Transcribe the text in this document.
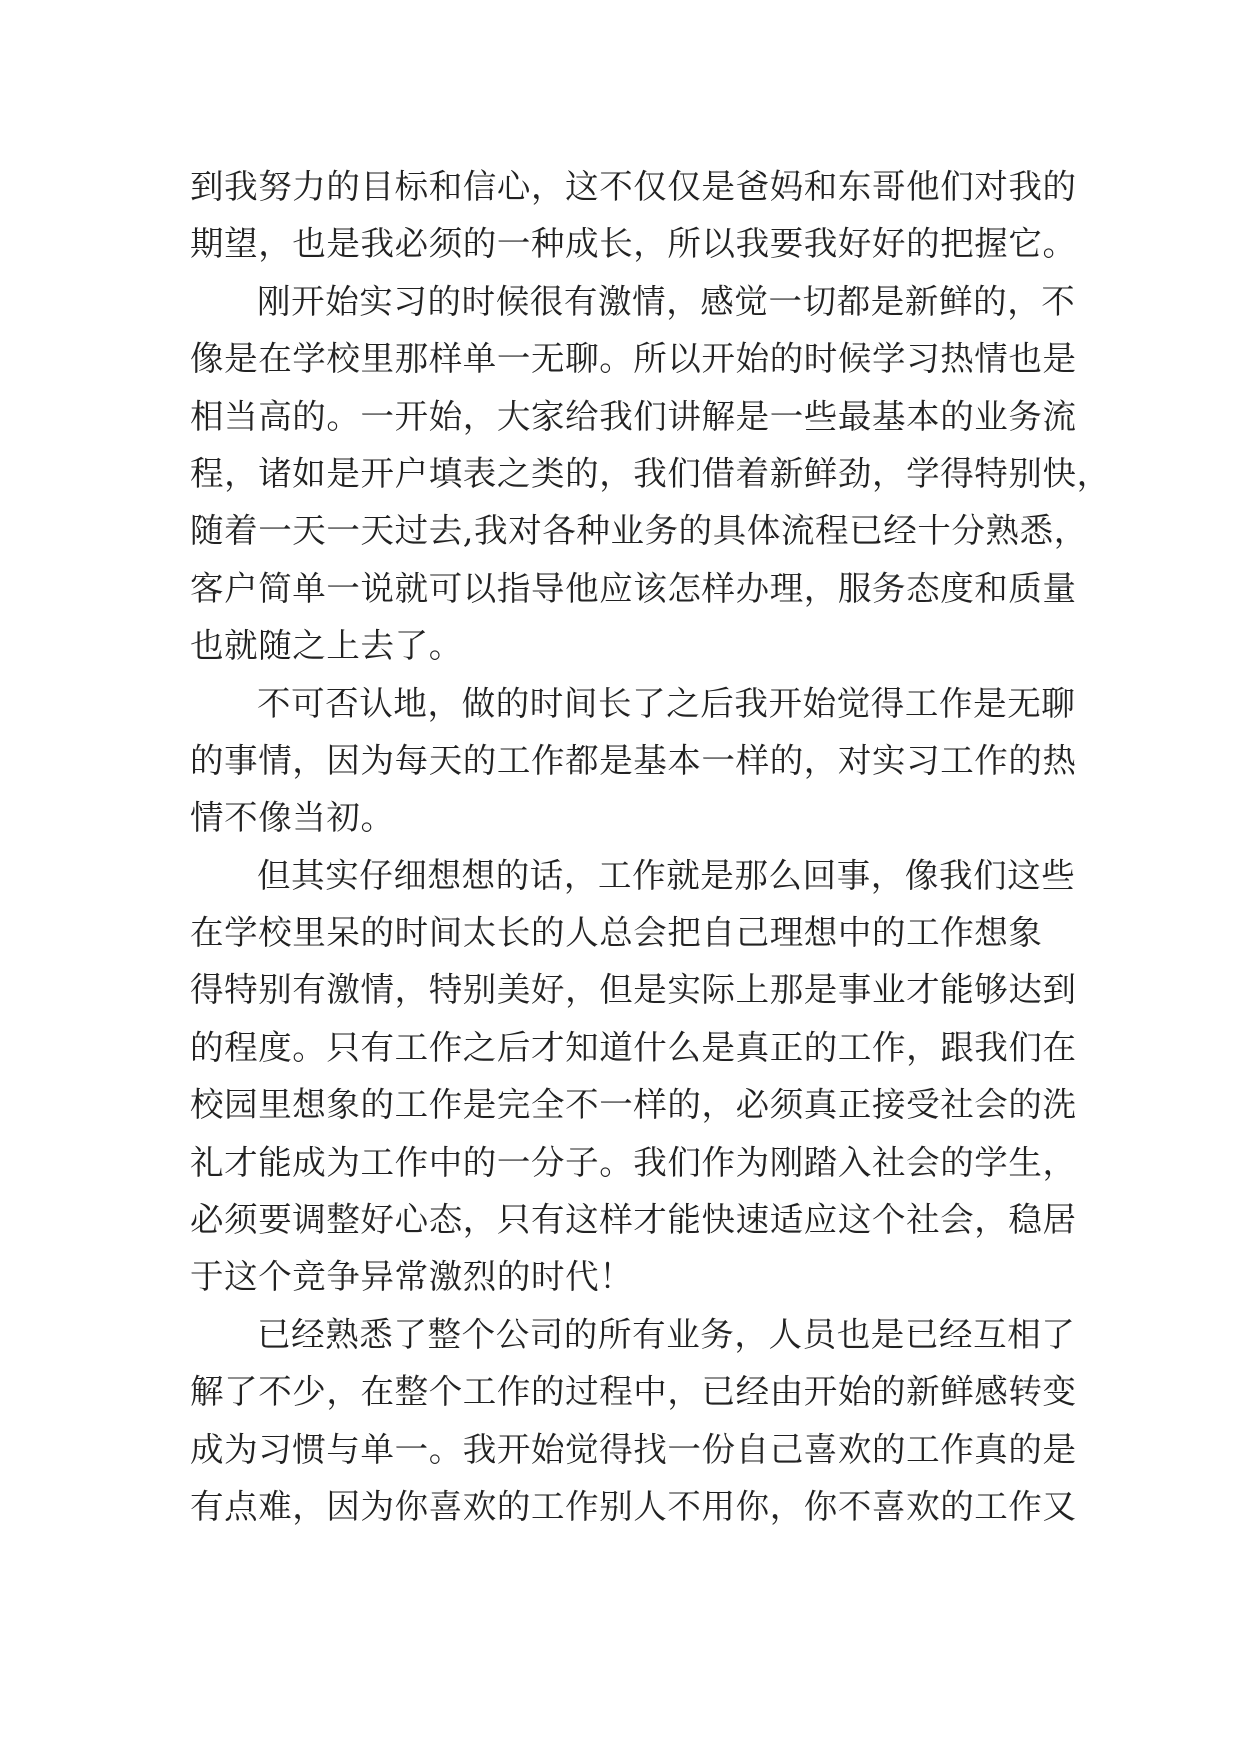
到我努力的目标和信心，这不仅仅是爸妈和东哥他们对我的
期望，也是我必须的一种成长，所以我要我好好的把握它。
刚开始实习的时候很有激情，感觉一切都是新鲜的，不
像是在学校里那样单一无聊。所以开始的时候学习热情也是
相当高的。一开始，大家给我们讲解是一些最基本的业务流
程，诸如是开户填表之类的，我们借着新鲜劲，学得特别快，
随着一天一天过去,我对各种业务的具体流程已经十分熟悉，
客户简单一说就可以指导他应该怎样办理，服务态度和质量
也就随之上去了。
不可否认地，做的时间长了之后我开始觉得工作是无聊
的事情，因为每天的工作都是基本一样的，对实习工作的热
情不像当初。
但其实仔细想想的话，工作就是那么回事，像我们这些
在学校里呆的时间太长的人总会把自己理想中的工作想象
得特别有激情，特别美好，但是实际上那是事业才能够达到
的程度。只有工作之后才知道什么是真正的工作，跟我们在
校园里想象的工作是完全不一样的，必须真正接受社会的洗
礼才能成为工作中的一分子。我们作为刚踏入社会的学生，
必须要调整好心态，只有这样才能快速适应这个社会，稳居
于这个竞争异常激烈的时代！
已经熟悉了整个公司的所有业务，人员也是已经互相了
解了不少，在整个工作的过程中，已经由开始的新鲜感转变
成为习惯与单一。我开始觉得找一份自己喜欢的工作真的是
有点难，因为你喜欢的工作别人不用你，你不喜欢的工作又
